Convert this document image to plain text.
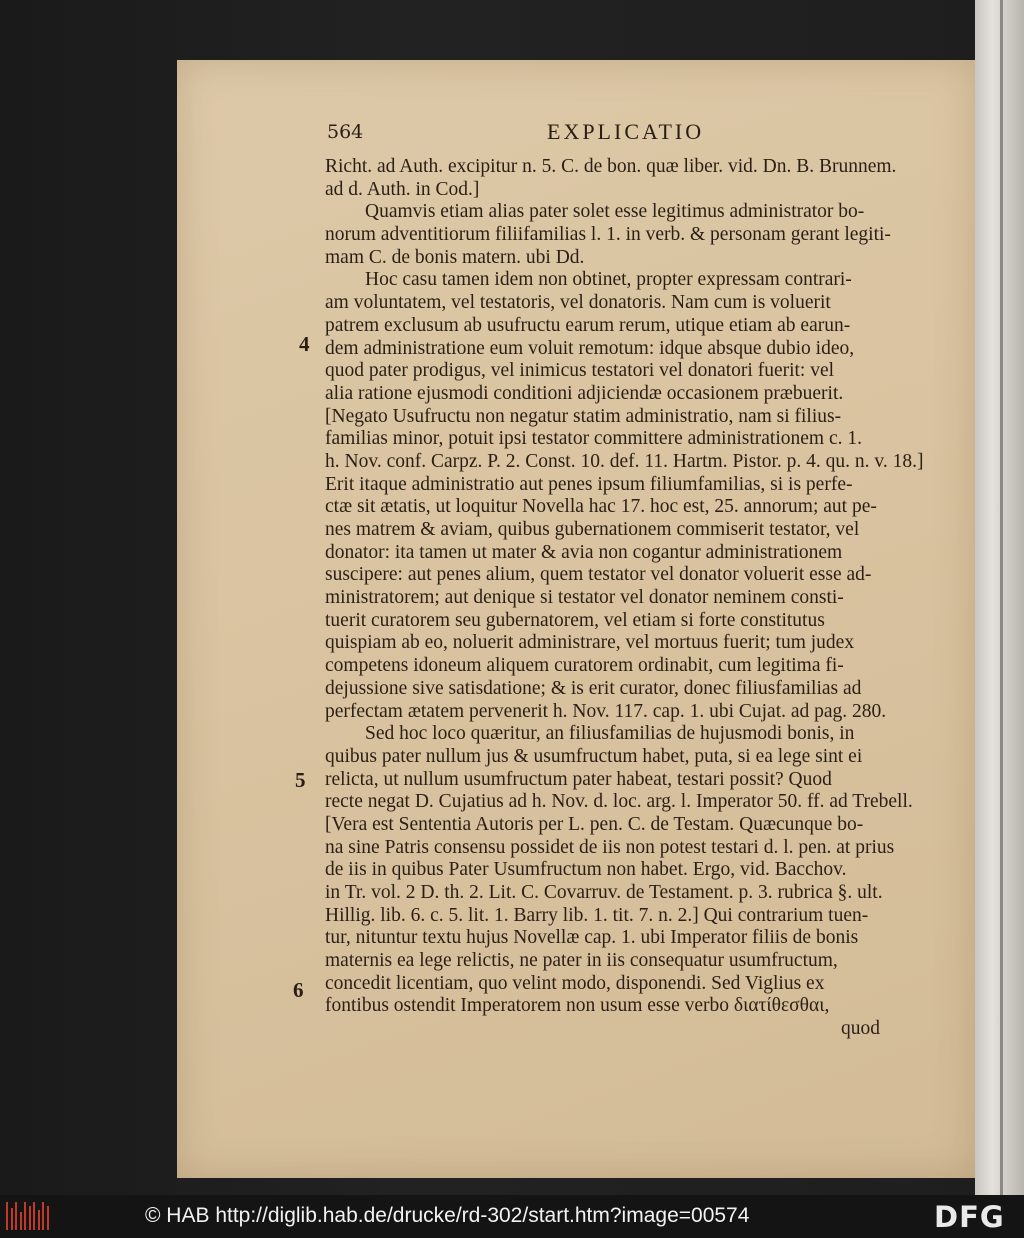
564	EXPLICATIO
4
5
6
Richt. ad Auth. excipitur n. 5. C. de bon. quæ liber. vid. Dn. B. Brunnem.
ad d. Auth. in Cod.]
Quamvis etiam alias pater solet esse legitimus administrator bo-
norum adventitiorum filiifamilias l. 1. in verb. & personam gerant legiti-
mam C. de bonis matern. ubi Dd.
Hoc casu tamen idem non obtinet, propter expressam contrari-
am voluntatem, vel testatoris, vel donatoris. Nam cum is voluerit
patrem exclusum ab usufructu earum rerum, utique etiam ab earun-
dem administratione eum voluit remotum: idque absque dubio ideo,
quod pater prodigus, vel inimicus testatori vel donatori fuerit: vel
alia ratione ejusmodi conditioni adjiciendæ occasionem præbuerit.
[Negato Usufructu non negatur statim administratio, nam si filius-
familias minor, potuit ipsi testator committere administrationem c. 1.
h. Nov. conf. Carpz. P. 2. Const. 10. def. 11. Hartm. Pistor. p. 4. qu. n. v. 18.]
Erit itaque administratio aut penes ipsum filiumfamilias, si is perfe-
ctæ sit ætatis, ut loquitur Novella hac 17. hoc est, 25. annorum; aut pe-
nes matrem & aviam, quibus gubernationem commiserit testator, vel
donator: ita tamen ut mater & avia non cogantur administrationem
suscipere: aut penes alium, quem testator vel donator voluerit esse ad-
ministratorem; aut denique si testator vel donator neminem consti-
tuerit curatorem seu gubernatorem, vel etiam si forte constitutus
quispiam ab eo, noluerit administrare, vel mortuus fuerit; tum judex
competens idoneum aliquem curatorem ordinabit, cum legitima fi-
dejussione sive satisdatione; & is erit curator, donec filiusfamilias ad
perfectam ætatem pervenerit h. Nov. 117. cap. 1. ubi Cujat. ad pag. 280.
Sed hoc loco quæritur, an filiusfamilias de hujusmodi bonis, in
quibus pater nullum jus & usumfructum habet, puta, si ea lege sint ei
relicta, ut nullum usumfructum pater habeat, testari possit? Quod
recte negat D. Cujatius ad h. Nov. d. loc. arg. l. Imperator 50. ff. ad Trebell.
[Vera est Sententia Autoris per L. pen. C. de Testam. Quæcunque bo-
na sine Patris consensu possidet de iis non potest testari d. l. pen. at prius
de iis in quibus Pater Usumfructum non habet. Ergo, vid. Bacchov.
in Tr. vol. 2 D. th. 2. Lit. C. Covarruv. de Testament. p. 3. rubrica §. ult.
Hillig. lib. 6. c. 5. lit. 1. Barry lib. 1. tit. 7. n. 2.] Qui contrarium tuen-
tur, nituntur textu hujus Novellæ cap. 1. ubi Imperator filiis de bonis
maternis ea lege relictis, ne pater in iis consequatur usumfructum,
concedit licentiam, quo velint modo, disponendi. Sed Viglius ex
fontibus ostendit Imperatorem non usum esse verbo διατίθεσθαι,
quod
© HAB http://diglib.hab.de/drucke/rd-302/start.htm?image=00574	DFG
